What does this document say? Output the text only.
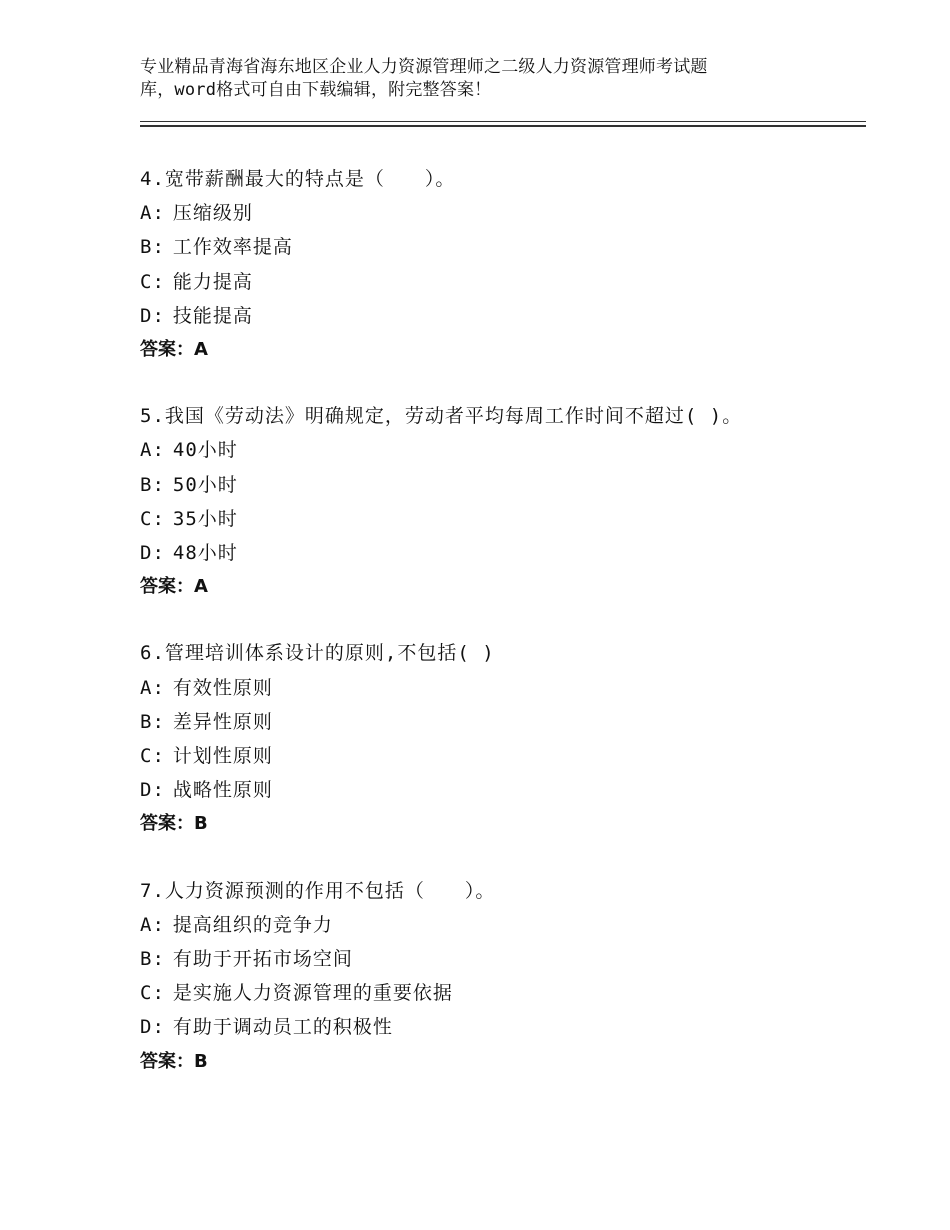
专业精品青海省海东地区企业人力资源管理师之二级人力资源管理师考试题
库，word格式可自由下载编辑，附完整答案！
4.宽带薪酬最大的特点是（　　）。
A: 压缩级别
B: 工作效率提高
C: 能力提高
D: 技能提高
答案：A
5.我国《劳动法》明确规定，劳动者平均每周工作时间不超过( )。
A: 40小时
B: 50小时
C: 35小时
D: 48小时
答案：A
6.管理培训体系设计的原则,不包括( )
A: 有效性原则
B: 差异性原则
C: 计划性原则
D: 战略性原则
答案：B
7.人力资源预测的作用不包括（　　）。
A: 提高组织的竞争力
B: 有助于开拓市场空间
C: 是实施人力资源管理的重要依据
D: 有助于调动员工的积极性
答案：B
